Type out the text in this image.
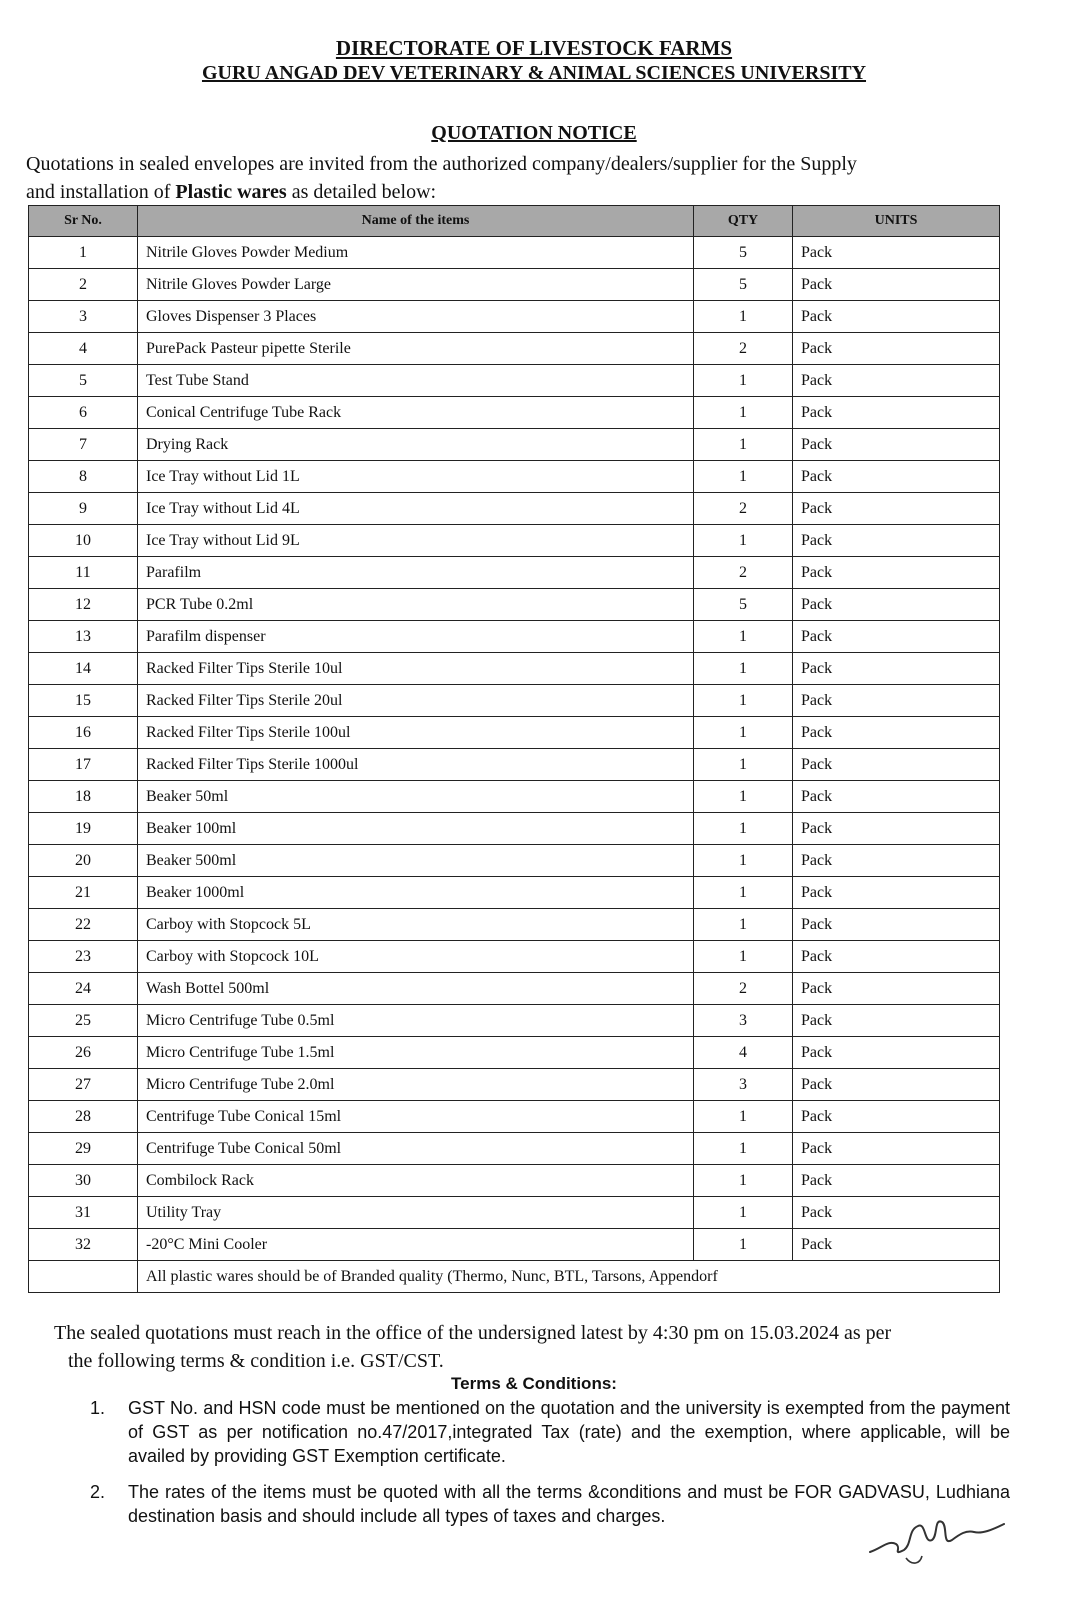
DIRECTORATE OF LIVESTOCK FARMS
GURU ANGAD DEV VETERINARY & ANIMAL SCIENCES UNIVERSITY
QUOTATION NOTICE
Quotations in sealed envelopes are invited from the authorized company/dealers/supplier for the Supply
and installation of Plastic wares as detailed below:
Sr No.	Name of the items	QTY	UNITS
1	Nitrile Gloves Powder Medium	5	Pack
2	Nitrile Gloves Powder Large	5	Pack
3	Gloves Dispenser 3 Places	1	Pack
4	PurePack Pasteur pipette Sterile	2	Pack
5	Test Tube Stand	1	Pack
6	Conical Centrifuge Tube Rack	1	Pack
7	Drying Rack	1	Pack
8	Ice Tray without Lid 1L	1	Pack
9	Ice Tray without Lid 4L	2	Pack
10	Ice Tray without Lid 9L	1	Pack
11	Parafilm	2	Pack
12	PCR Tube 0.2ml	5	Pack
13	Parafilm dispenser	1	Pack
14	Racked Filter Tips Sterile 10ul	1	Pack
15	Racked Filter Tips Sterile 20ul	1	Pack
16	Racked Filter Tips Sterile 100ul	1	Pack
17	Racked Filter Tips Sterile 1000ul	1	Pack
18	Beaker 50ml	1	Pack
19	Beaker 100ml	1	Pack
20	Beaker 500ml	1	Pack
21	Beaker 1000ml	1	Pack
22	Carboy with Stopcock 5L	1	Pack
23	Carboy with Stopcock 10L	1	Pack
24	Wash Bottel 500ml	2	Pack
25	Micro Centrifuge Tube 0.5ml	3	Pack
26	Micro Centrifuge Tube 1.5ml	4	Pack
27	Micro Centrifuge Tube 2.0ml	3	Pack
28	Centrifuge Tube Conical 15ml	1	Pack
29	Centrifuge Tube Conical 50ml	1	Pack
30	Combilock Rack	1	Pack
31	Utility Tray	1	Pack
32	-20°C Mini Cooler	1	Pack
	All plastic wares should be of Branded quality (Thermo, Nunc, BTL, Tarsons, Appendorf		
The sealed quotations must reach in the office of the undersigned latest by 4:30 pm on 15.03.2024 as per
the following terms & condition i.e. GST/CST.
Terms & Conditions:
1.	GST No. and HSN code must be mentioned on the quotation and the university is exempted from the payment of GST as per notification no.47/2017,integrated Tax (rate) and the exemption, where applicable, will be availed by providing GST Exemption certificate.
2.	The rates of the items must be quoted with all the terms &conditions and must be FOR GADVASU, Ludhiana destination basis and should include all types of taxes and charges.
